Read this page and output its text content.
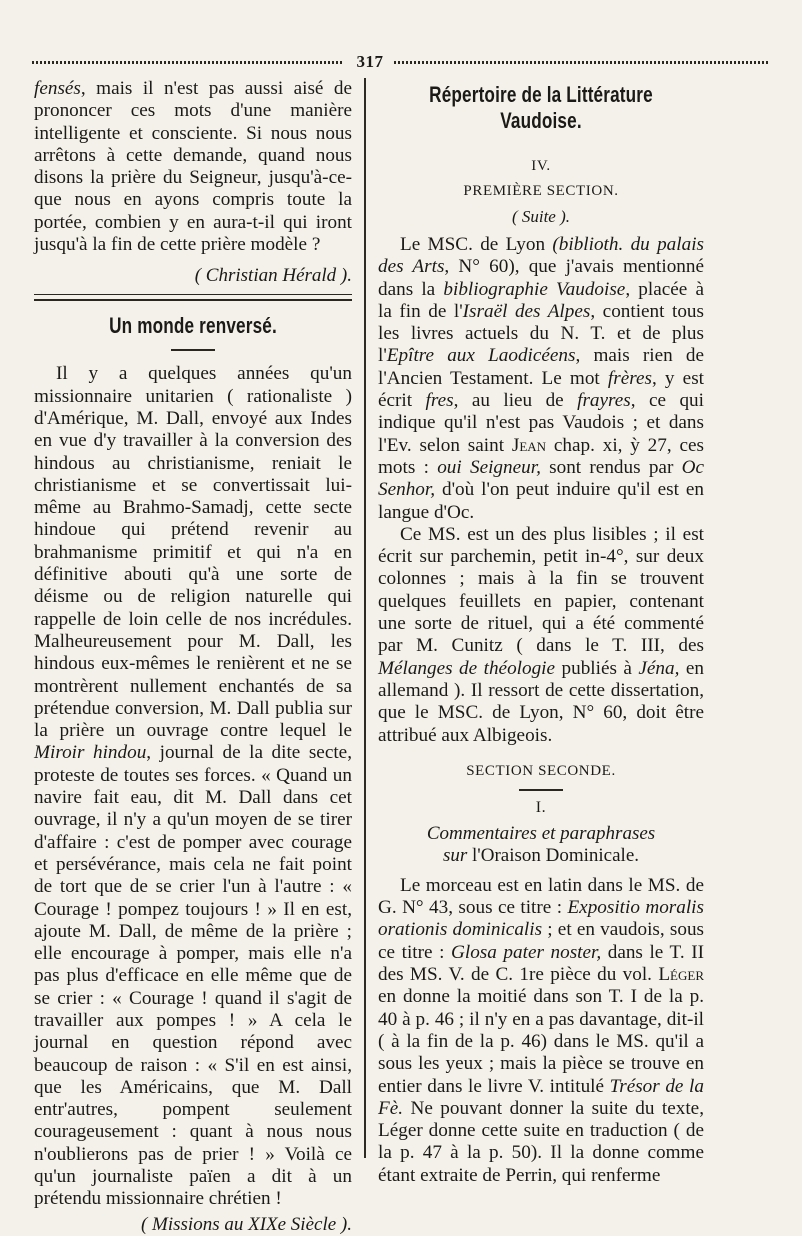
317

fensés, mais il n'est pas aussi aisé de prononcer ces mots d'une manière intelligente et consciente. Si nous nous arrêtons à cette demande, quand nous disons la prière du Seigneur, jusqu'à-ce-que nous en ayons compris toute la portée, combien y en aura-t-il qui iront jusqu'à la fin de cette prière modèle ?

( Christian Hérald ).

Un monde renversé.

Il y a quelques années qu'un missionnaire unitarien ( rationaliste ) d'Amérique, M. Dall, envoyé aux Indes en vue d'y travailler à la conversion des hindous au christianisme, reniait le christianisme et se convertissait lui-même au Brahmo-Samadj, cette secte hindoue qui prétend revenir au brahmanisme primitif et qui n'a en définitive abouti qu'à une sorte de déisme ou de religion naturelle qui rappelle de loin celle de nos incrédules. Malheureusement pour M. Dall, les hindous eux-mêmes le renièrent et ne se montrèrent nullement enchantés de sa prétendue conversion, M. Dall publia sur la prière un ouvrage contre lequel le Miroir hindou, journal de la dite secte, proteste de toutes ses forces. « Quand un navire fait eau, dit M. Dall dans cet ouvrage, il n'y a qu'un moyen de se tirer d'affaire : c'est de pomper avec courage et persévérance, mais cela ne fait point de tort que de se crier l'un à l'autre : « Courage ! pompez toujours ! » Il en est, ajoute M. Dall, de même de la prière ; elle encourage à pomper, mais elle n'a pas plus d'efficace en elle même que de se crier : « Courage ! quand il s'agit de travailler aux pompes ! » A cela le journal en question répond avec beaucoup de raison : « S'il en est ainsi, que les Américains, que M. Dall entr'autres, pompent seulement courageusement : quant à nous nous n'oublierons pas de prier ! » Voilà ce qu'un journaliste païen a dit à un prétendu missionnaire chrétien !

( Missions au XIXe Siècle ).

Répertoire de la Littérature Vaudoise.

IV.

PREMIÈRE SECTION.

( Suite ).

Le MSC. de Lyon (biblioth. du palais des Arts, N° 60), que j'avais mentionné dans la bibliographie Vaudoise, placée à la fin de l'Israël des Alpes, contient tous les livres actuels du N. T. et de plus l'Epître aux Laodicéens, mais rien de l'Ancien Testament. Le mot frères, y est écrit fres, au lieu de frayres, ce qui indique qu'il n'est pas Vaudois ; et dans l'Ev. selon saint Jean chap. xi, ỳ 27, ces mots : oui Seigneur, sont rendus par Oc Senhor, d'où l'on peut induire qu'il est en langue d'Oc.

Ce MS. est un des plus lisibles ; il est écrit sur parchemin, petit in-4°, sur deux colonnes ; mais à la fin se trouvent quelques feuillets en papier, contenant une sorte de rituel, qui a été commenté par M. Cunitz ( dans le T. III, des Mélanges de théologie publiés à Jéna, en allemand ). Il ressort de cette dissertation, que le MSC. de Lyon, N° 60, doit être attribué aux Albigeois.

SECTION SECONDE.

I.

Commentaires et paraphrases

sur l'Oraison Dominicale.

Le morceau est en latin dans le MS. de G. N° 43, sous ce titre : Expositio moralis orationis dominicalis ; et en vaudois, sous ce titre : Glosa pater noster, dans le T. II des MS. V. de C. 1re pièce du vol. Léger en donne la moitié dans son T. I de la p. 40 à p. 46 ; il n'y en a pas davantage, dit-il ( à la fin de la p. 46) dans le MS. qu'il a sous les yeux ; mais la pièce se trouve en entier dans le livre V. intitulé Trésor de la Fè. Ne pouvant donner la suite du texte, Léger donne cette suite en traduction ( de la p. 47 à la p. 50). Il la donne comme étant extraite de Perrin, qui renferme
